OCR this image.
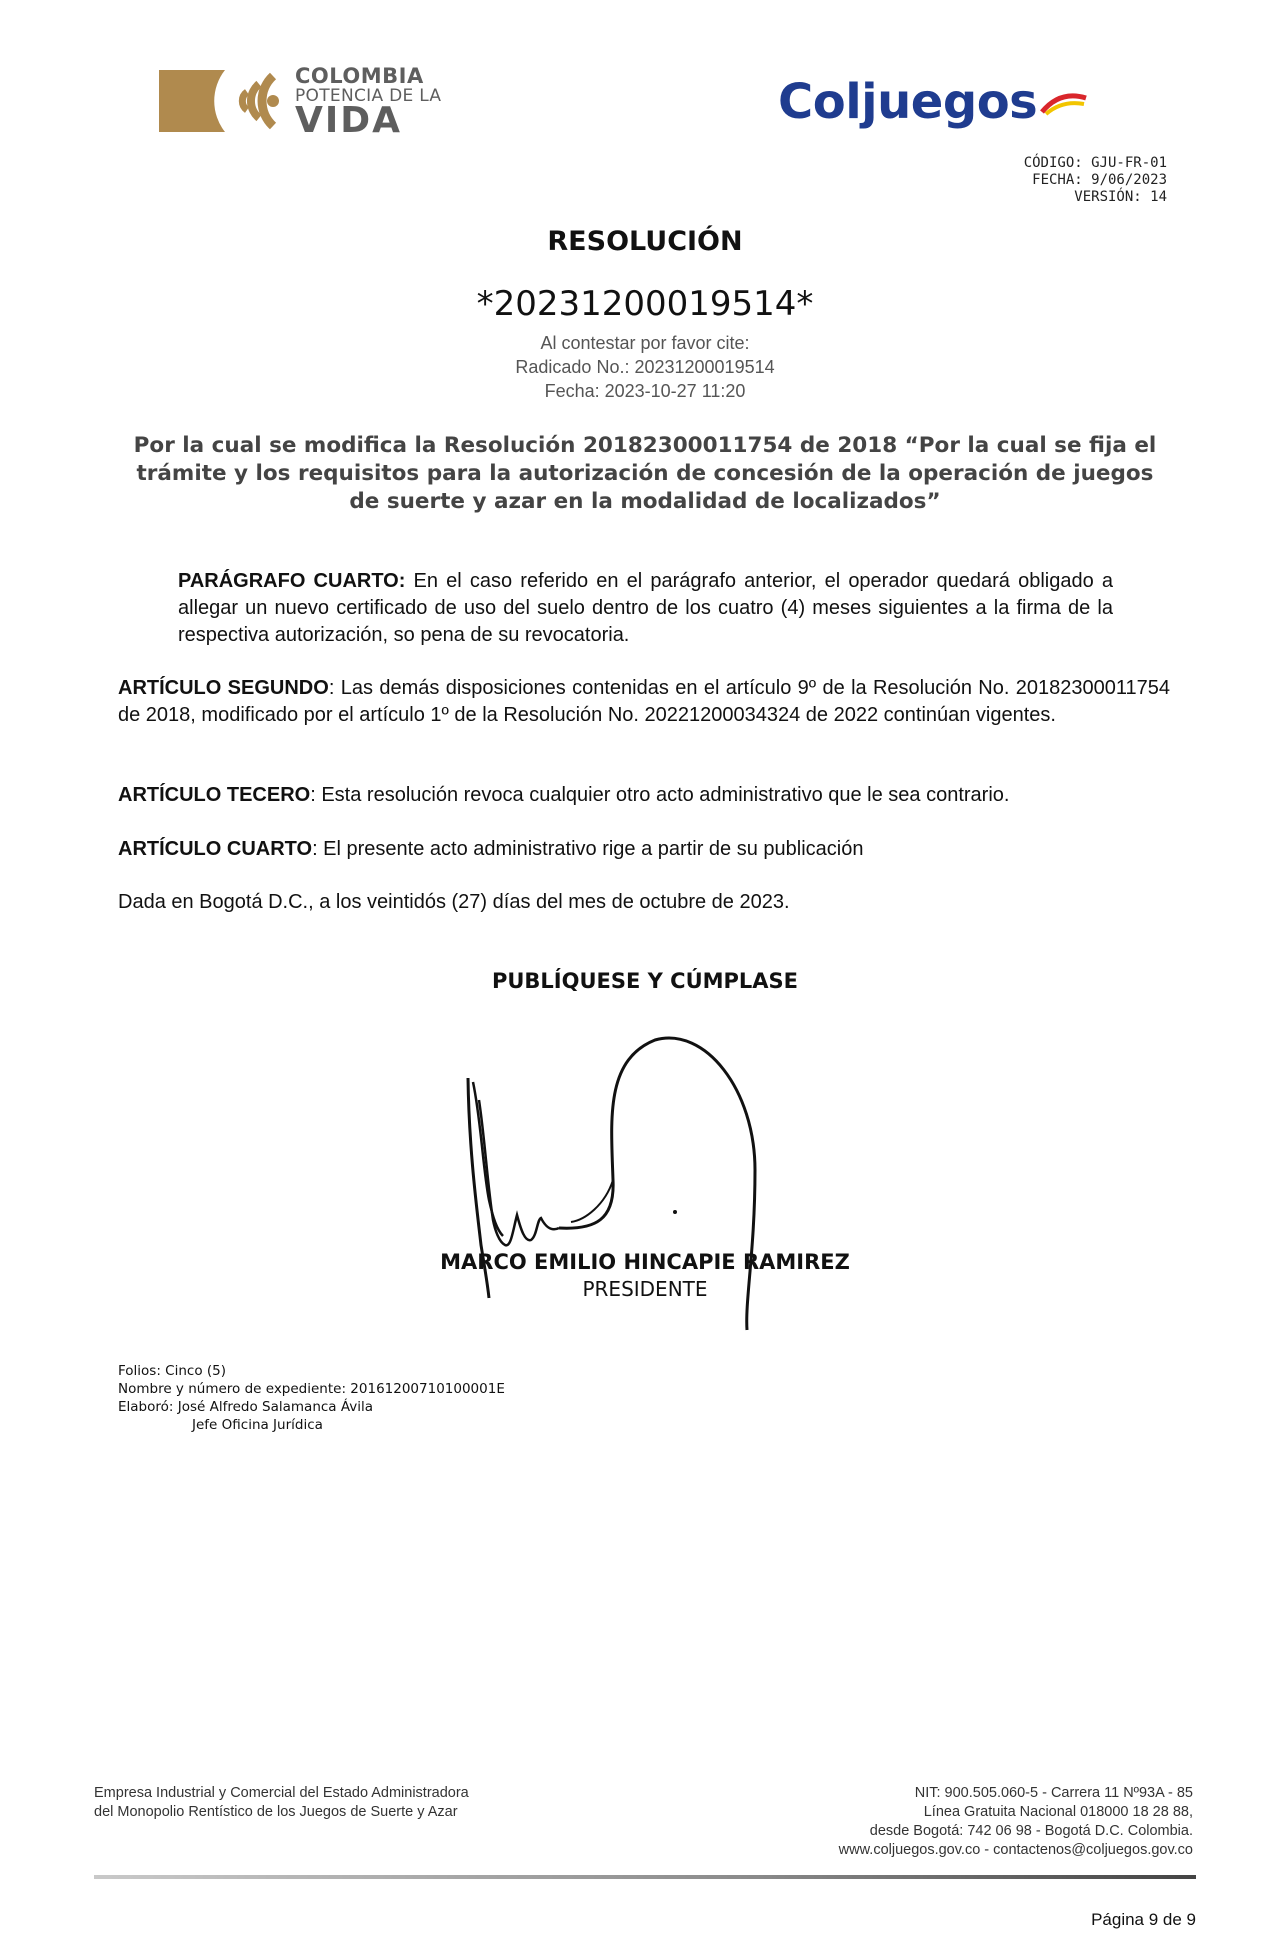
COLOMBIA
POTENCIA DE LA
VIDA	Coljuegos
CÓDIGO: GJU-FR-01
FECHA: 9/06/2023
VERSIÓN: 14
RESOLUCIÓN
*20231200019514*
Al contestar por favor cite:
Radicado No.: 20231200019514
Fecha: 2023-10-27 11:20
Por la cual se modifica la Resolución 20182300011754 de 2018 “Por la cual se fija el trámite y los requisitos para la autorización de concesión de la operación de juegos de suerte y azar en la modalidad de localizados”
PARÁGRAFO CUARTO: En el caso referido en el parágrafo anterior, el operador quedará obligado a allegar un nuevo certificado de uso del suelo dentro de los cuatro (4) meses siguientes a la firma de la respectiva autorización, so pena de su revocatoria.
ARTÍCULO SEGUNDO: Las demás disposiciones contenidas en el artículo 9º de la Resolución No. 20182300011754 de 2018, modificado por el artículo 1º de la Resolución No. 20221200034324 de 2022 continúan vigentes.
ARTÍCULO TECERO: Esta resolución revoca cualquier otro acto administrativo que le sea contrario.
ARTÍCULO CUARTO: El presente acto administrativo rige a partir de su publicación
Dada en Bogotá D.C., a los veintidós (27) días del mes de octubre de 2023.
PUBLÍQUESE Y CÚMPLASE
MARCO EMILIO HINCAPIE RAMIREZ
PRESIDENTE
Folios: Cinco (5)
Nombre y número de expediente: 20161200710100001E
Elaboró: José Alfredo Salamanca Ávila
Jefe Oficina Jurídica
Empresa Industrial y Comercial del Estado Administradora
del Monopolio Rentístico de los Juegos de Suerte y Azar
NIT: 900.505.060-5 - Carrera 11 Nº93A - 85
Línea Gratuita Nacional 018000 18 28 88,
desde Bogotá: 742 06 98 - Bogotá D.C. Colombia.
www.coljuegos.gov.co - contactenos@coljuegos.gov.co
Página 9 de 9
